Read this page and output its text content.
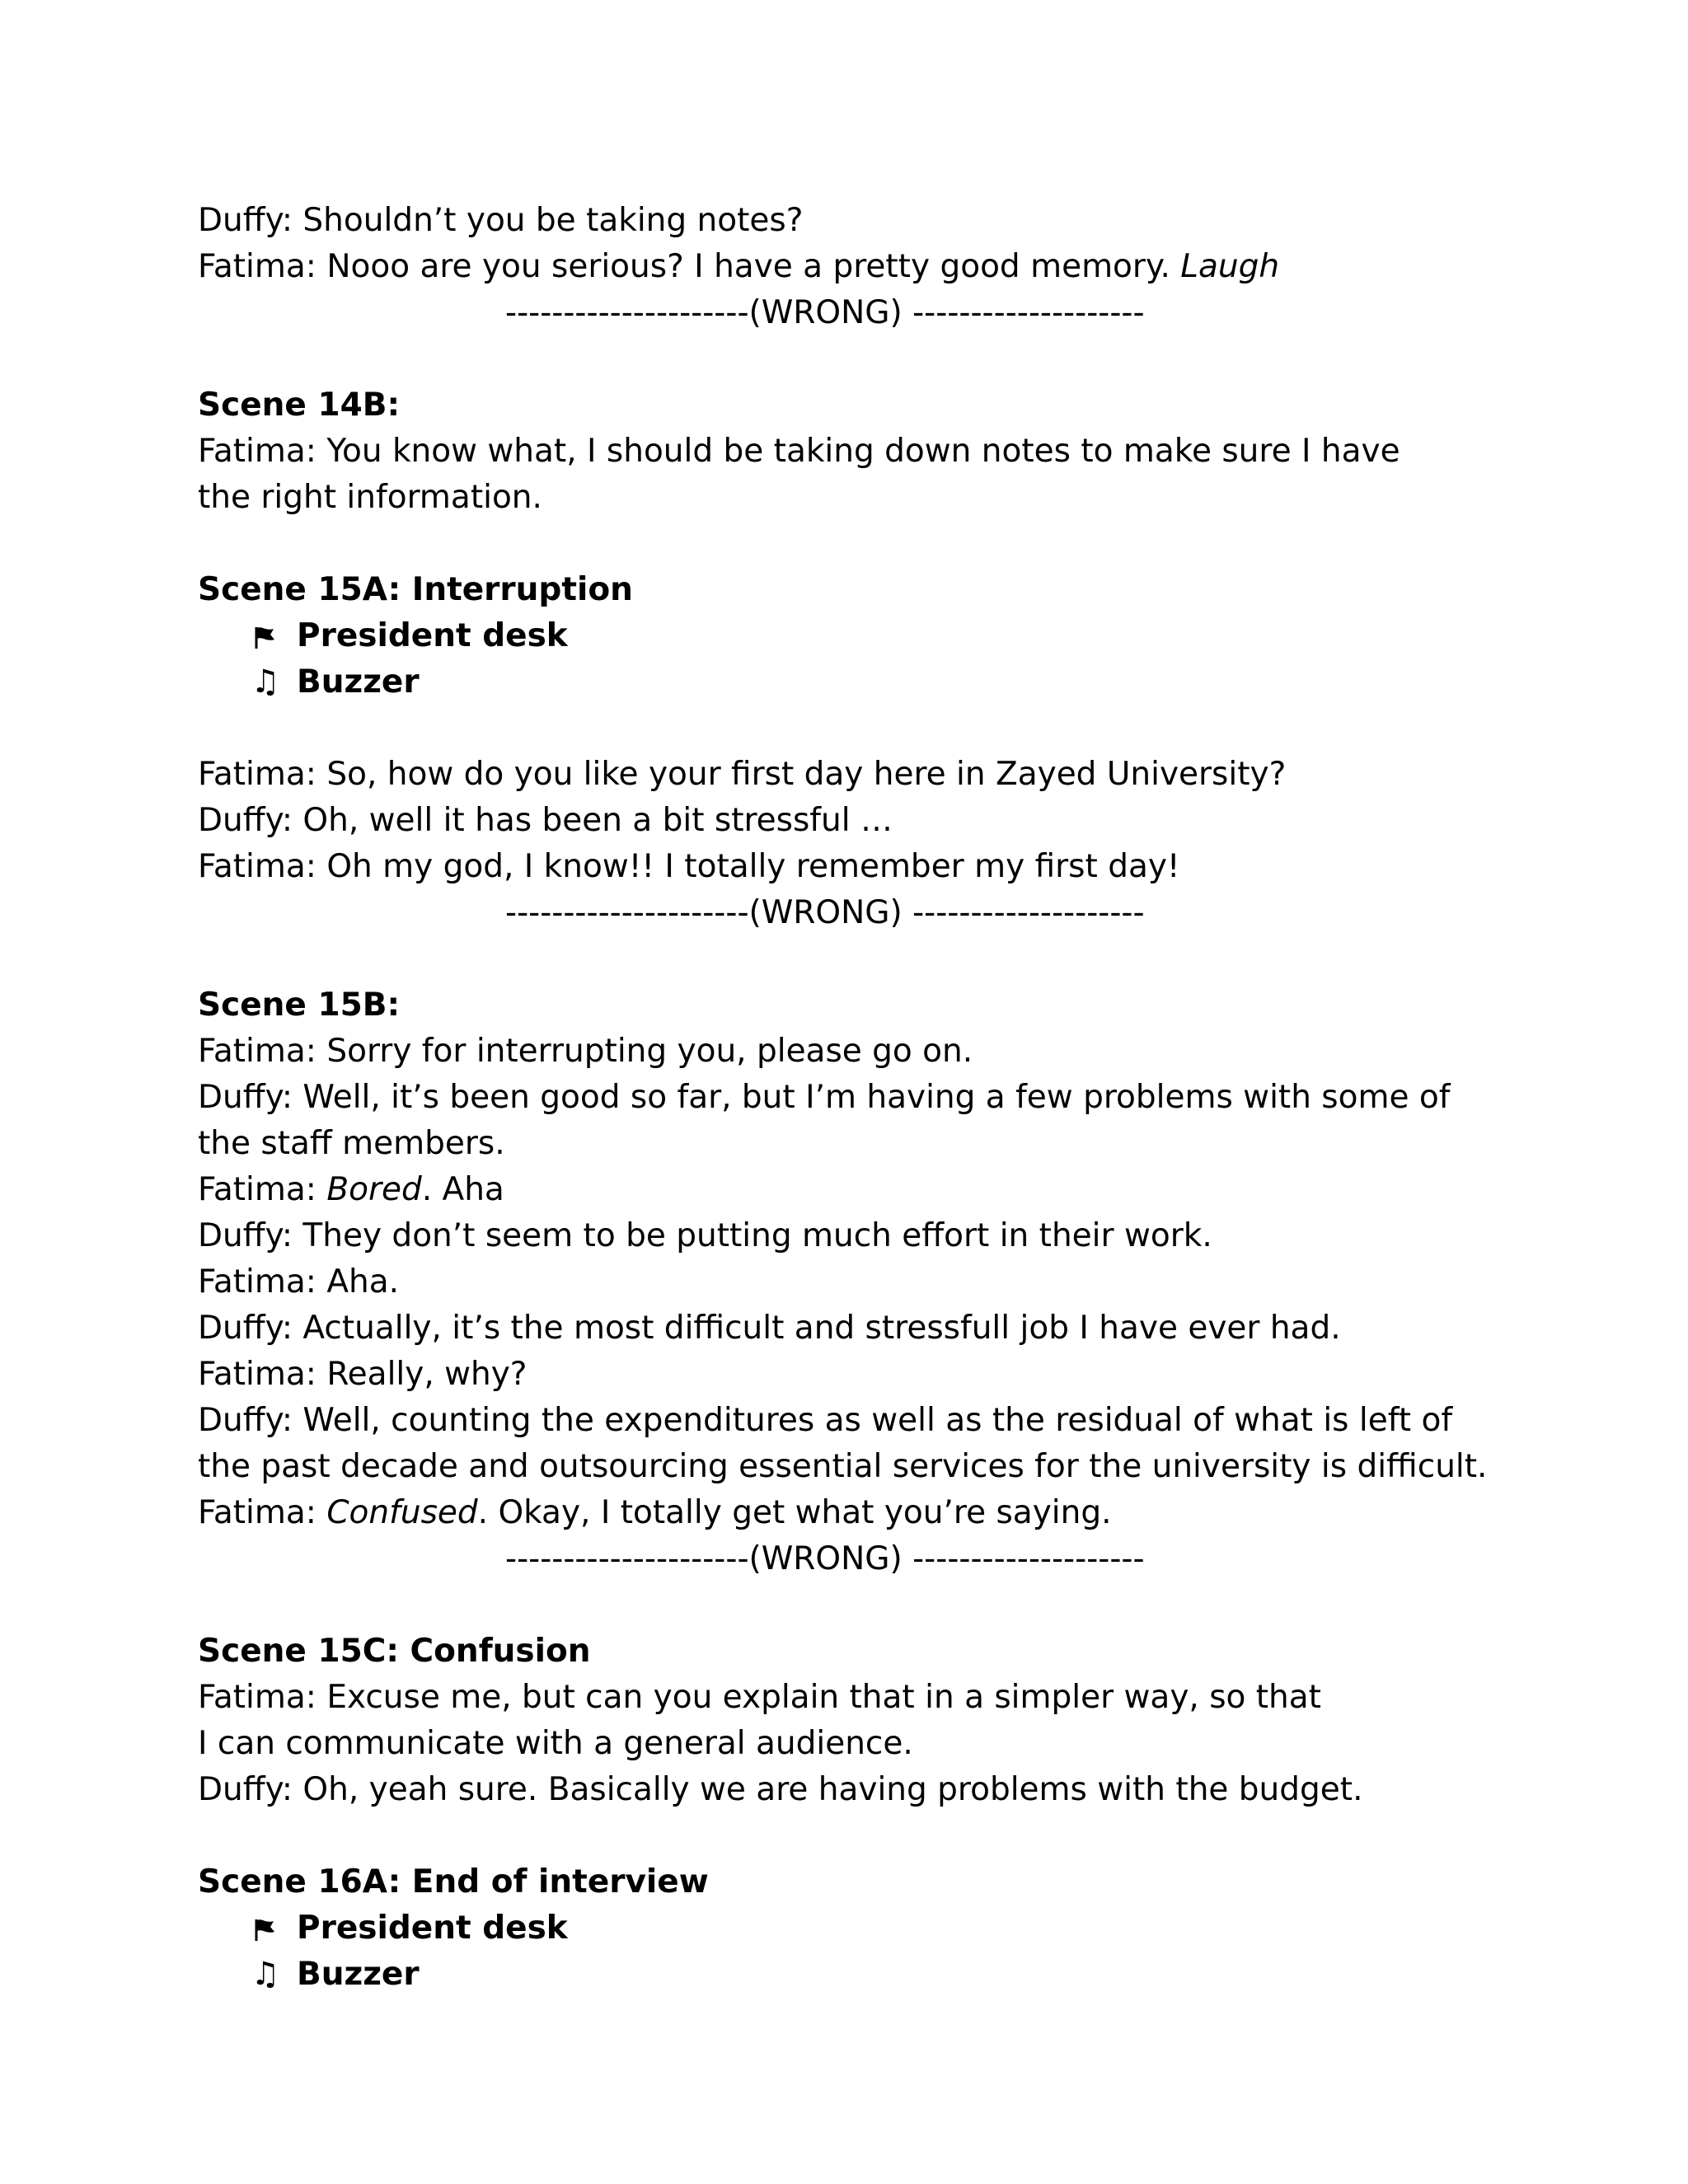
Duffy: Shouldn’t you be taking notes?

Fatima: Nooo are you serious? I have a pretty good memory. Laugh

---------------------(WRONG) --------------------

Scene 14B:

Fatima: You know what, I should be taking down notes to make sure I have the right information.

Scene 15A: Interruption

President desk
♫ Buzzer

Fatima: So, how do you like your first day here in Zayed University?

Duffy: Oh, well it has been a bit stressful …

Fatima: Oh my god, I know!! I totally remember my first day!

---------------------(WRONG) --------------------

Scene 15B:

Fatima: Sorry for interrupting you, please go on.

Duffy: Well, it’s been good so far, but I’m having a few problems with some of the staff members.

Fatima: Bored. Aha

Duffy: They don’t seem to be putting much effort in their work.

Fatima: Aha.

Duffy: Actually, it’s the most difficult and stressfull job I have ever had.

Fatima: Really, why?

Duffy: Well, counting the expenditures as well as the residual of what is left of the past decade and outsourcing essential services for the university is difficult.

Fatima: Confused. Okay, I totally get what you’re saying.

---------------------(WRONG) --------------------

Scene 15C: Confusion

Fatima: Excuse me, but can you explain that in a simpler way, so that I can communicate with a general audience.

Duffy: Oh, yeah sure. Basically we are having problems with the budget.

Scene 16A: End of interview

President desk
♫ Buzzer
